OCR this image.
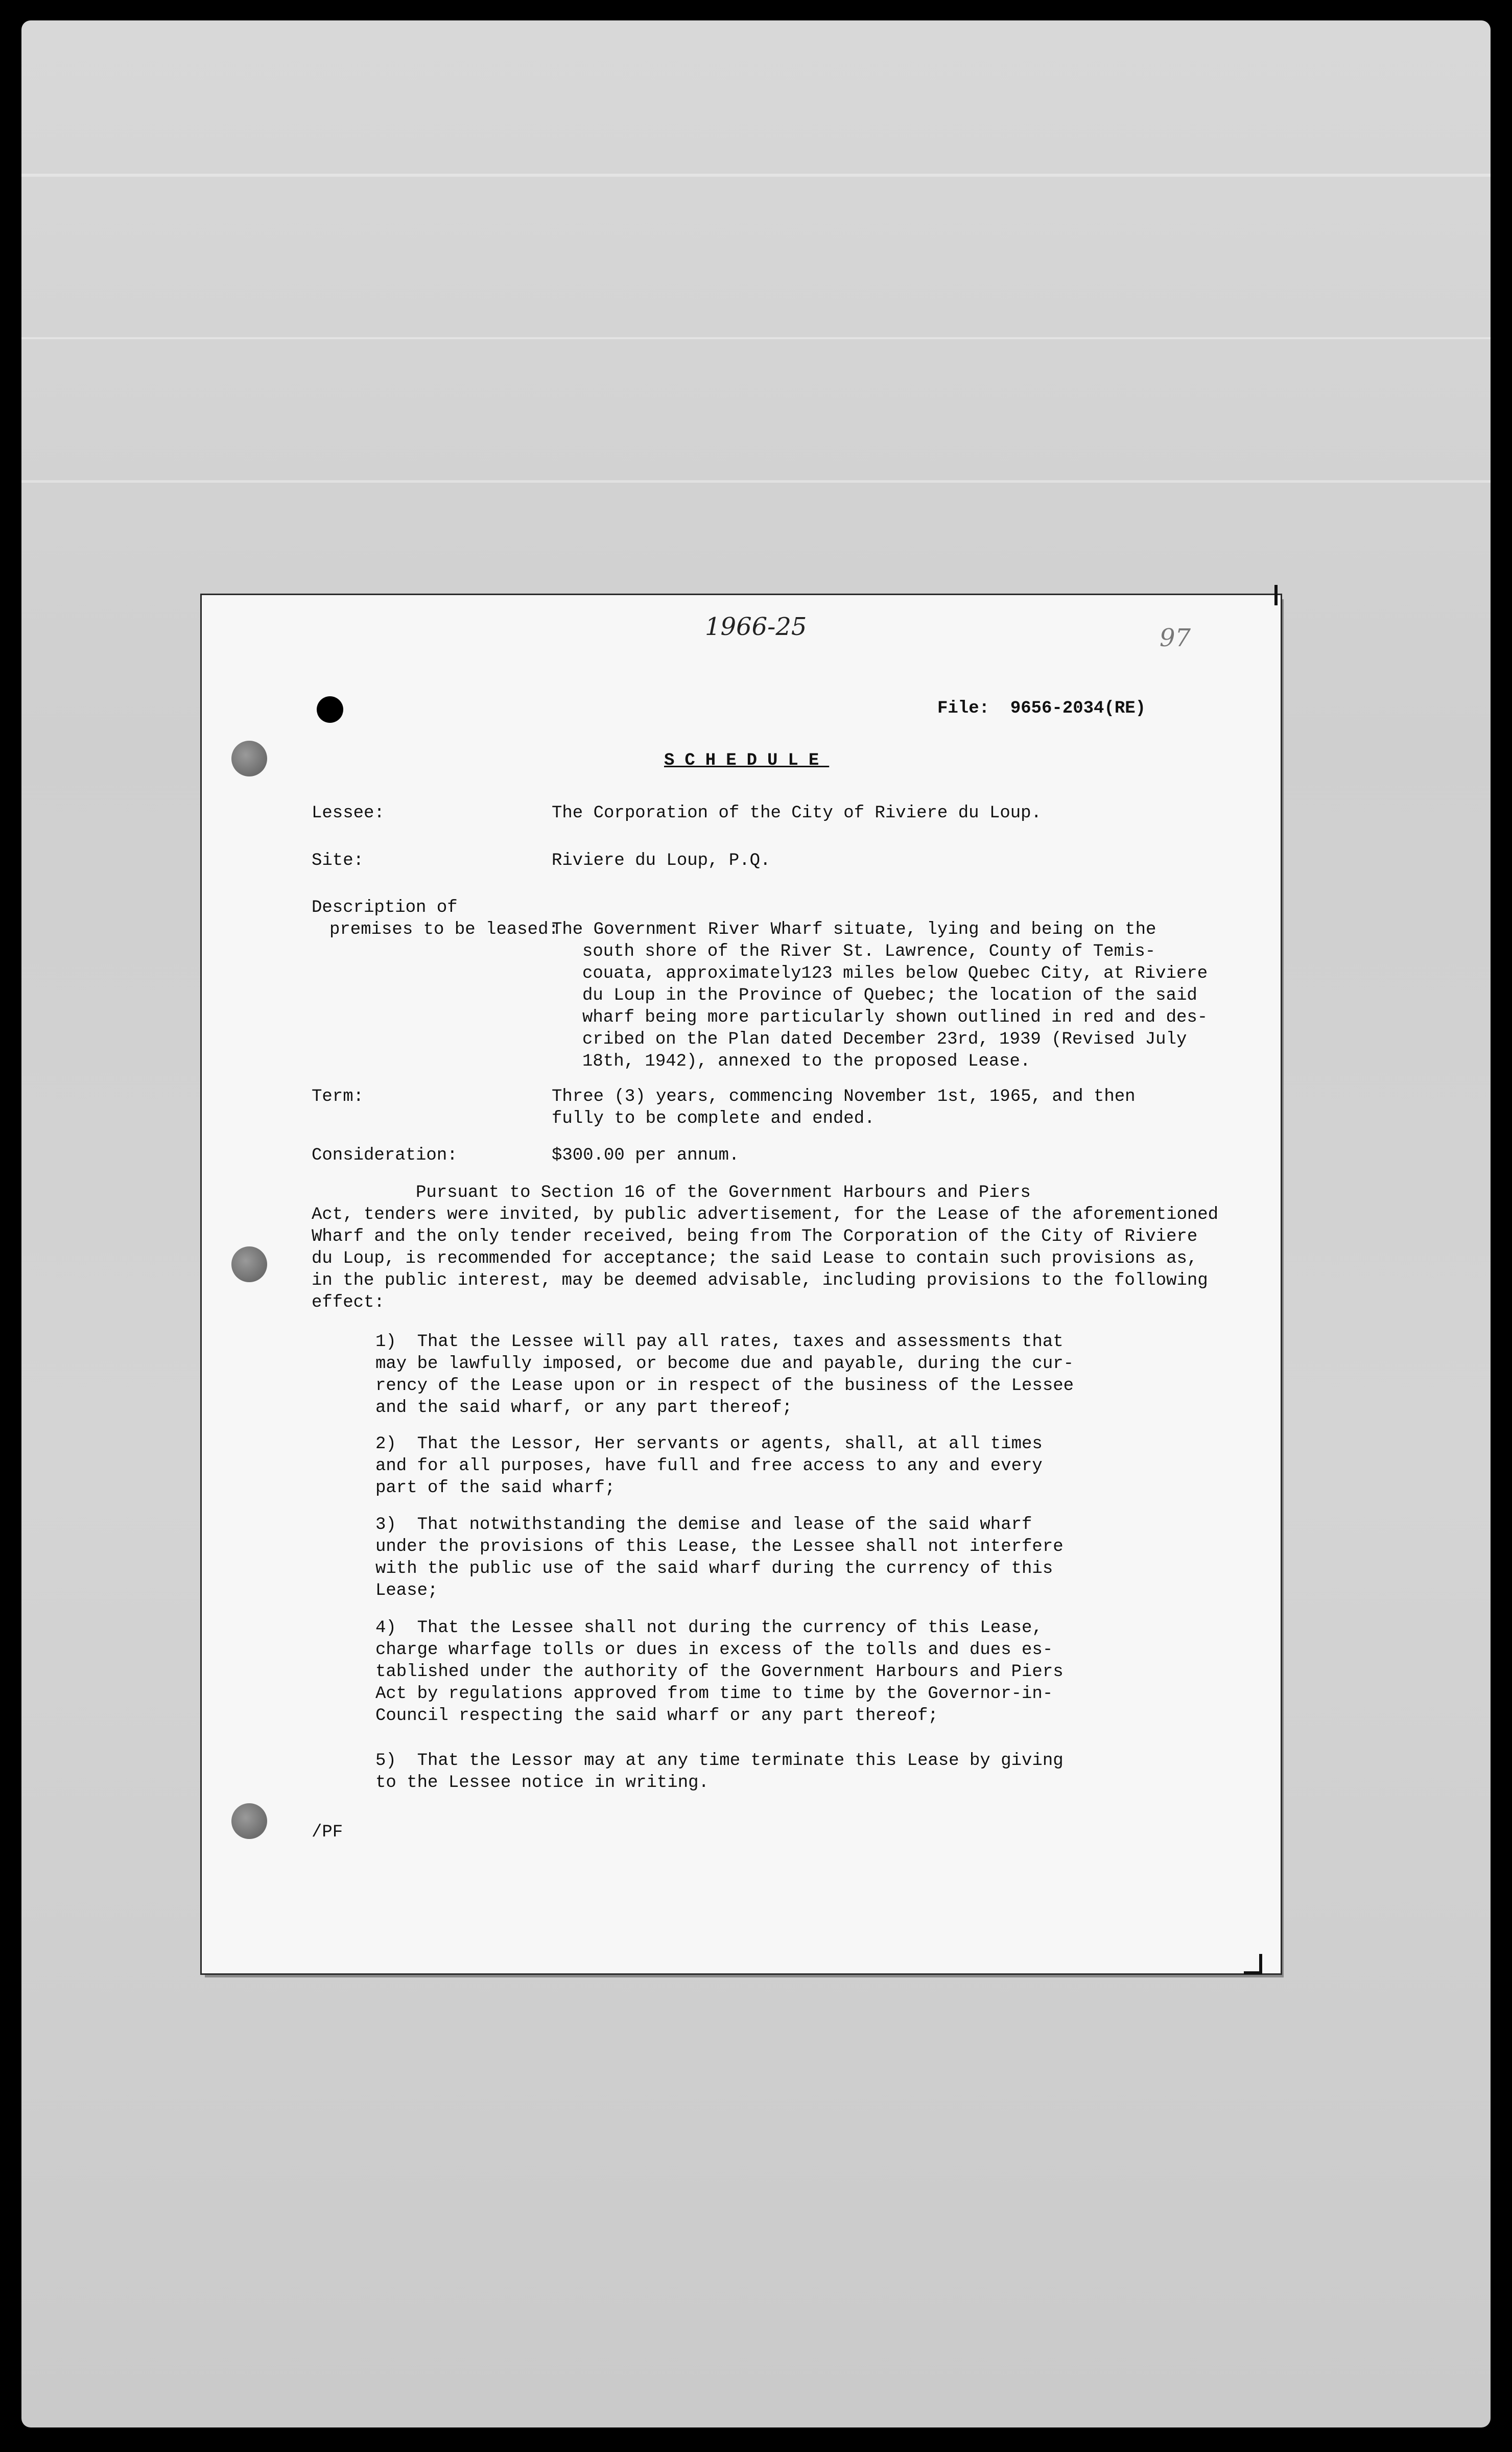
1966-25	97
File:  9656-2034(RE)
SCHEDULE
Lessee:	The Corporation of the City of Riviere du Loup.
Site:	Riviere du Loup, P.Q.
Description of
premises to be leased:
The Government River Wharf situate, lying and being on the
south shore of the River St. Lawrence, County of Temis-
couata, approximately123 miles below Quebec City, at Riviere
du Loup in the Province of Quebec; the location of the said
wharf being more particularly shown outlined in red and des-
cribed on the Plan dated December 23rd, 1939 (Revised July
18th, 1942), annexed to the proposed Lease.
Term:	Three (3) years, commencing November 1st, 1965, and then
fully to be complete and ended.
Consideration:	$300.00 per annum.
Pursuant to Section 16 of the Government Harbours and Piers
Act, tenders were invited, by public advertisement, for the Lease of the aforementioned
Wharf and the only tender received, being from The Corporation of the City of Riviere
du Loup, is recommended for acceptance; the said Lease to contain such provisions as,
in the public interest, may be deemed advisable, including provisions to the following
effect:
1)  That the Lessee will pay all rates, taxes and assessments that
may be lawfully imposed, or become due and payable, during the cur-
rency of the Lease upon or in respect of the business of the Lessee
and the said wharf, or any part thereof;
2)  That the Lessor, Her servants or agents, shall, at all times
and for all purposes, have full and free access to any and every
part of the said wharf;
3)  That notwithstanding the demise and lease of the said wharf
under the provisions of this Lease, the Lessee shall not interfere
with the public use of the said wharf during the currency of this
Lease;
4)  That the Lessee shall not during the currency of this Lease,
charge wharfage tolls or dues in excess of the tolls and dues es-
tablished under the authority of the Government Harbours and Piers
Act by regulations approved from time to time by the Governor-in-
Council respecting the said wharf or any part thereof;
5)  That the Lessor may at any time terminate this Lease by giving
to the Lessee notice in writing.
/PF
